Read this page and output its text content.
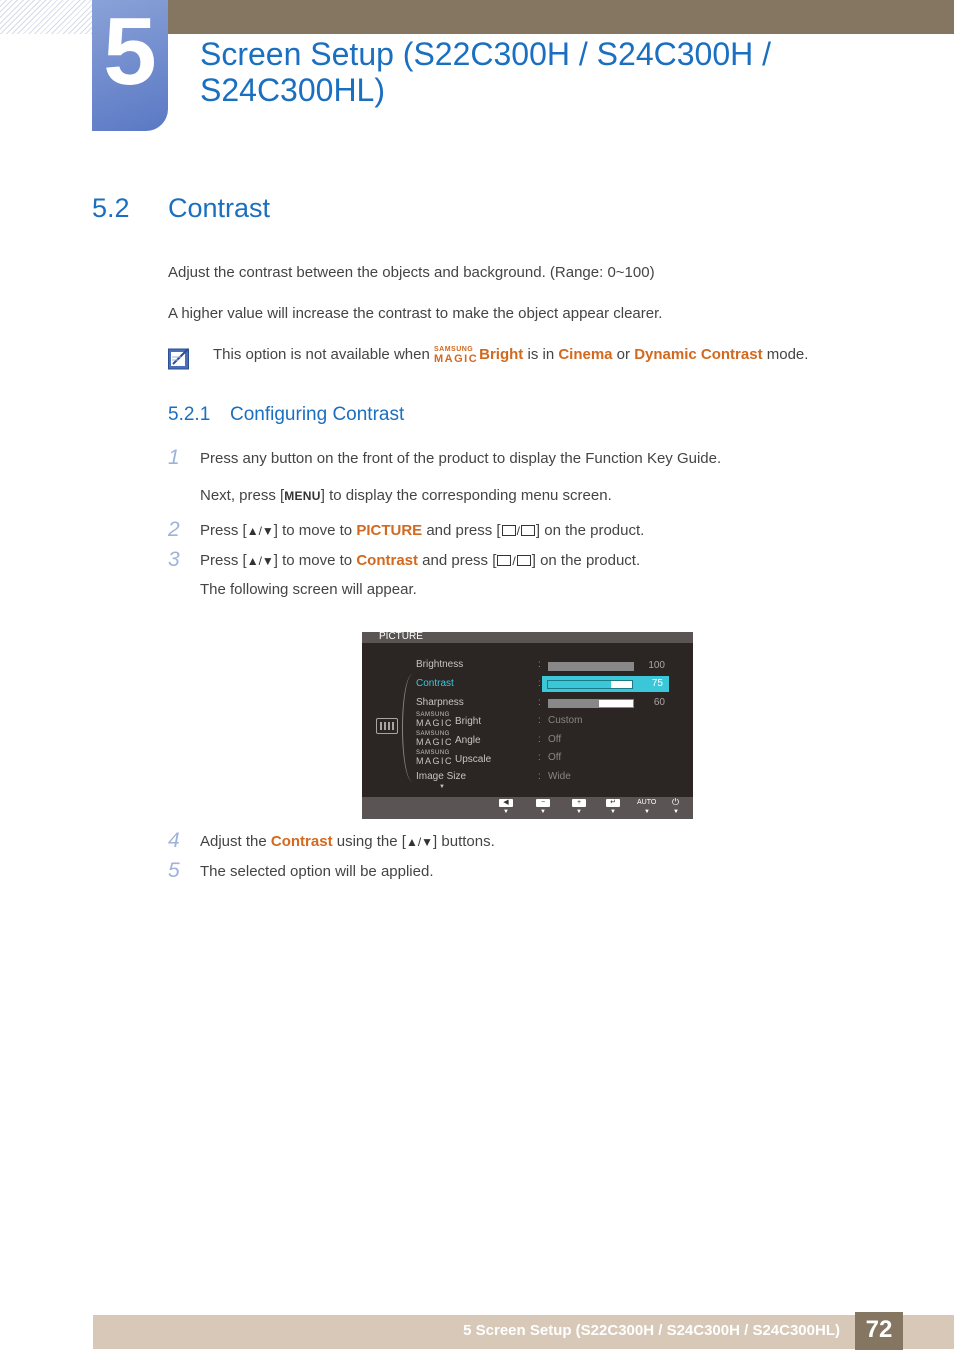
5	Screen Setup (S22C300H / S24C300H / S24C300HL)
5.2 Contrast
Adjust the contrast between the objects and background. (Range: 0~100)
A higher value will increase the contrast to make the object appear clearer.
This option is not available when SAMSUNG
MAGIC Bright is in Cinema or Dynamic Contrast mode.
5.2.1 Configuring Contrast
1 Press any button on the front of the product to display the Function Key Guide.
Next, press [MENU] to display the corresponding menu screen.
2 Press [▲/▼] to move to PICTURE and press [ / ] on the product.
3 Press [▲/▼] to move to Contrast and press [ / ] on the product.
The following screen will appear.
PICTURE
Brightness	:	100
Contrast	:	75
Sharpness	:	60
SAMSUNG
MAGIC Bright	: Custom
SAMSUNG
MAGIC Angle	: Off
SAMSUNG
MAGIC Upscale	: Off
Image Size	: Wide
▼
◀
▼
−
▼
+
▼
↵
▼
AUTO
▼
⏻
▼
4 Adjust the Contrast using the [▲/▼] buttons.
5 The selected option will be applied.
5 Screen Setup (S22C300H / S24C300H / S24C300HL)	72
